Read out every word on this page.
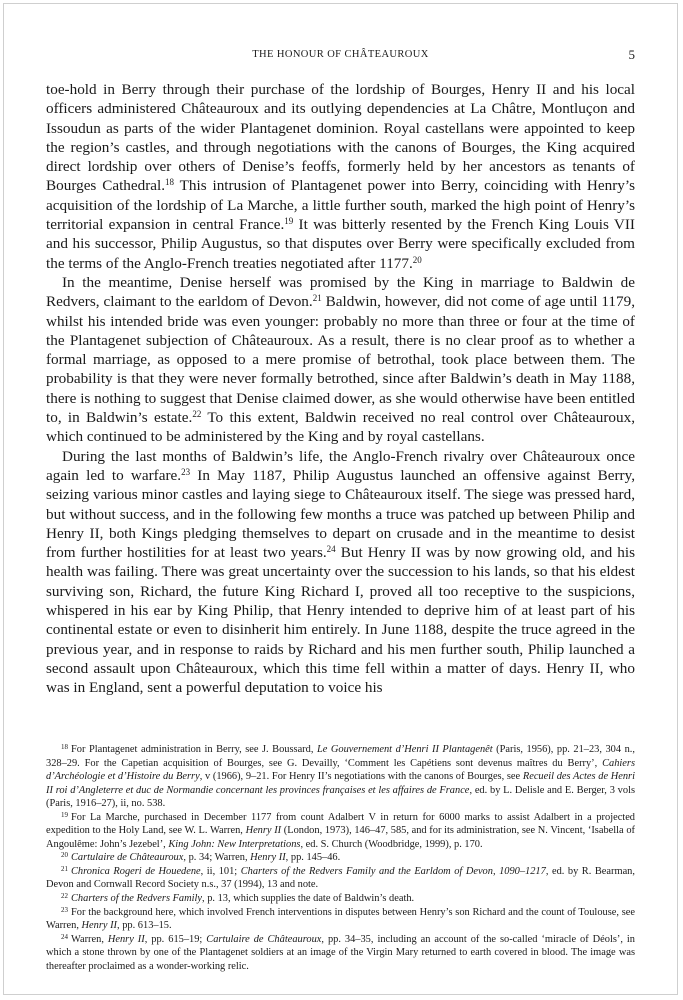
THE HONOUR OF CHÂTEAUROUX	5

toe-hold in Berry through their purchase of the lordship of Bourges, Henry II and his local officers administered Châteauroux and its outlying dependencies at La Châtre, Montluçon and Issoudun as parts of the wider Plantagenet dominion. Royal castellans were appointed to keep the region’s castles, and through negotiations with the canons of Bourges, the King acquired direct lordship over others of Denise’s feoffs, formerly held by her ancestors as tenants of Bourges Cathedral.$^{18}$ This intrusion of Plantagenet power into Berry, coinciding with Henry’s acquisition of the lordship of La Marche, a little further south, marked the high point of Henry’s territorial expansion in central France.$^{19}$ It was bitterly resented by the French King Louis VII and his successor, Philip Augustus, so that disputes over Berry were specifically excluded from the terms of the Anglo-French treaties negotiated after 1177.20

In the meantime, Denise herself was promised by the King in marriage to Baldwin de Redvers, claimant to the earldom of Devon.$^{21}$ Baldwin, however, did not come of age until 1179, whilst his intended bride was even younger: probably no more than three or four at the time of the Plantagenet subjection of Châteauroux. As a result, there is no clear proof as to whether a formal marriage, as opposed to a mere promise of betrothal, took place between them. The probability is that they were never formally betrothed, since after Baldwin’s death in May 1188, there is nothing to suggest that Denise claimed dower, as she would otherwise have been entitled to, in Baldwin’s estate.$^{22}$ To this extent, Baldwin received no real control over Châteauroux, which continued to be administered by the King and by royal castellans.

During the last months of Baldwin’s life, the Anglo-French rivalry over Châteauroux once again led to warfare.$^{23}$ In May 1187, Philip Augustus launched an offensive against Berry, seizing various minor castles and laying siege to Châteauroux itself. The siege was pressed hard, but without success, and in the following few months a truce was patched up between Philip and Henry II, both Kings pledging themselves to depart on crusade and in the meantime to desist from further hostilities for at least two years.$^{24}$ But Henry II was by now growing old, and his health was failing. There was great uncertainty over the succession to his lands, so that his eldest surviving son, Richard, the future King Richard I, proved all too receptive to the suspicions, whispered in his ear by King Philip, that Henry intended to deprive him of at least part of his continental estate or even to disinherit him entirely. In June 1188, despite the truce agreed in the previous year, and in response to raids by Richard and his men further south, Philip launched a second assault upon Châteauroux, which this time fell within a matter of days. Henry II, who was in England, sent a powerful deputation to voice his

$^{18}$ For Plantagenet administration in Berry, see J. Boussard, Le Gouvernement d’Henri II Plantagenêt (Paris, 1956), pp. 21–23, 304 n., 328–29. For the Capetian acquisition of Bourges, see G. Devailly, ‘Comment les Capétiens sont devenus maîtres du Berry’, Cahiers d’Archéologie et d’Histoire du Berry, v (1966), 9–21. For Henry II’s negotiations with the canons of Bourges, see Recueil des Actes de Henri II roi d’Angleterre et duc de Normandie concernant les provinces françaises et les affaires de France, ed. by L. Delisle and E. Berger, 3 vols (Paris, 1916–27), ii, no. 538.

$^{19}$ For La Marche, purchased in December 1177 from count Adalbert V in return for 6000 marks to assist Adalbert in a projected expedition to the Holy Land, see W. L. Warren, Henry II (London, 1973), 146–47, 585, and for its administration, see N. Vincent, ‘Isabella of Angoulême: John’s Jezebel’, King John: New Interpretations, ed. S. Church (Woodbridge, 1999), p. 170.

$^{20}$ Cartulaire de Châteauroux, p. 34; Warren, Henry II, pp. 145–46.

$^{21}$ Chronica Rogeri de Houedene, ii, 101; Charters of the Redvers Family and the Earldom of Devon, 1090–1217, ed. by R. Bearman, Devon and Cornwall Record Society n.s., 37 (1994), 13 and note.

$^{22}$ Charters of the Redvers Family, p. 13, which supplies the date of Baldwin’s death.

$^{23}$ For the background here, which involved French interventions in disputes between Henry’s son Richard and the count of Toulouse, see Warren, Henry II, pp. 613–15.

$^{24}$ Warren, Henry II, pp. 615–19; Cartulaire de Châteauroux, pp. 34–35, including an account of the so-called ‘miracle of Déols’, in which a stone thrown by one of the Plantagenet soldiers at an image of the Virgin Mary returned to earth covered in blood. The image was thereafter proclaimed as a wonder-working relic.
